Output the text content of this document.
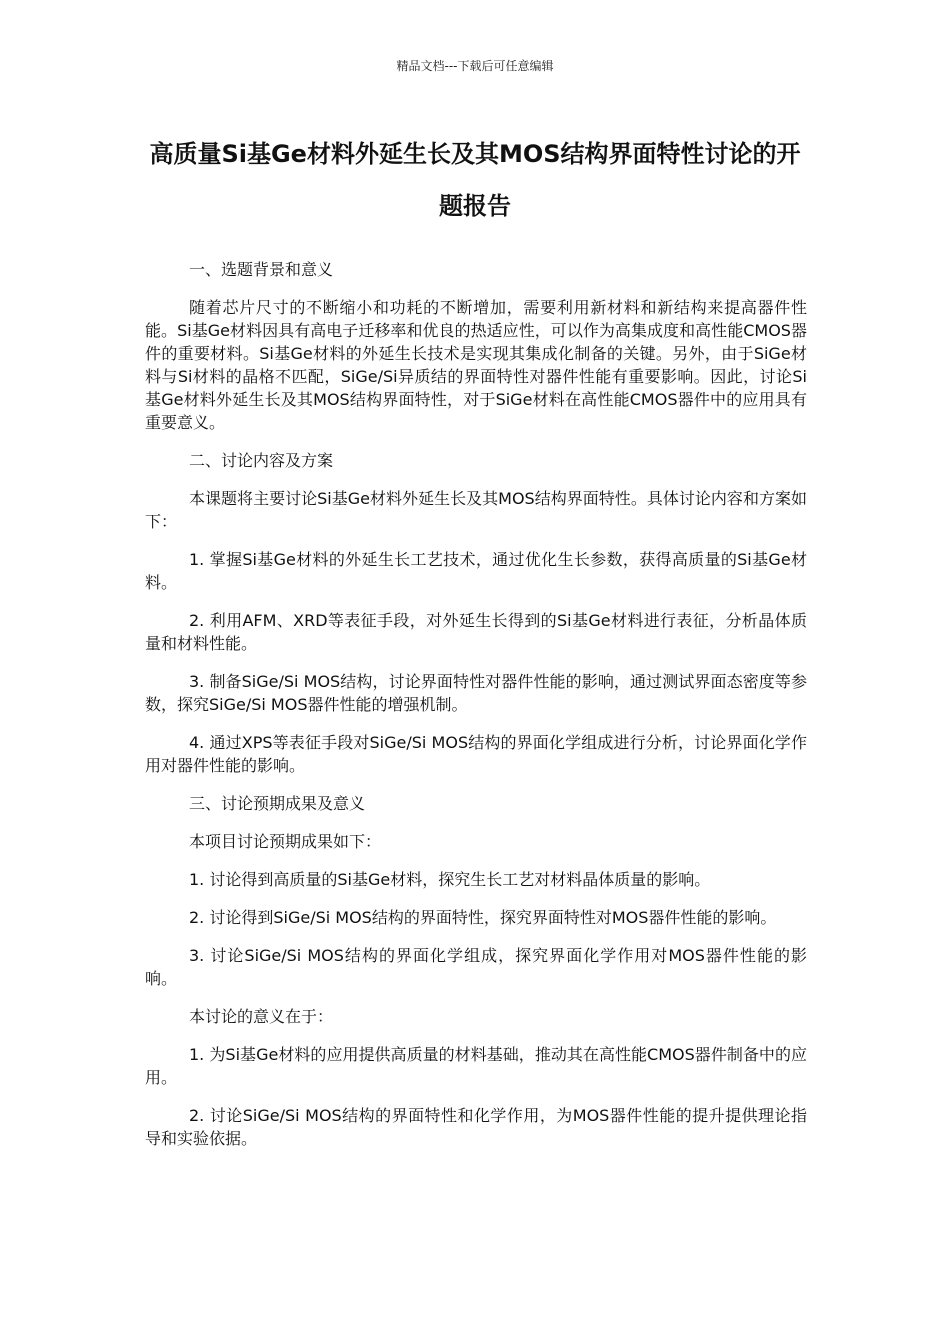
精品文档---下载后可任意编辑
高质量Si基Ge材料外延生长及其MOS结构界面特性讨论的开题报告

一、选题背景和意义

随着芯片尺寸的不断缩小和功耗的不断增加，需要利用新材料和新结构来提高器件性能。Si基Ge材料因具有高电子迁移率和优良的热适应性，可以作为高集成度和高性能CMOS器件的重要材料。Si基Ge材料的外延生长技术是实现其集成化制备的关键。另外，由于SiGe材料与Si材料的晶格不匹配，SiGe/Si异质结的界面特性对器件性能有重要影响。因此，讨论Si基Ge材料外延生长及其MOS结构界面特性，对于SiGe材料在高性能CMOS器件中的应用具有重要意义。

二、讨论内容及方案

本课题将主要讨论Si基Ge材料外延生长及其MOS结构界面特性。具体讨论内容和方案如下：

1. 掌握Si基Ge材料的外延生长工艺技术，通过优化生长参数，获得高质量的Si基Ge材料。

2. 利用AFM、XRD等表征手段，对外延生长得到的Si基Ge材料进行表征，分析晶体质量和材料性能。

3. 制备SiGe/Si MOS结构，讨论界面特性对器件性能的影响，通过测试界面态密度等参数，探究SiGe/Si MOS器件性能的增强机制。

4. 通过XPS等表征手段对SiGe/Si MOS结构的界面化学组成进行分析，讨论界面化学作用对器件性能的影响。

三、讨论预期成果及意义

本项目讨论预期成果如下：

1. 讨论得到高质量的Si基Ge材料，探究生长工艺对材料晶体质量的影响。

2. 讨论得到SiGe/Si MOS结构的界面特性，探究界面特性对MOS器件性能的影响。

3. 讨论SiGe/Si MOS结构的界面化学组成，探究界面化学作用对MOS器件性能的影响。

本讨论的意义在于：

1. 为Si基Ge材料的应用提供高质量的材料基础，推动其在高性能CMOS器件制备中的应用。

2. 讨论SiGe/Si MOS结构的界面特性和化学作用，为MOS器件性能的提升提供理论指导和实验依据。
